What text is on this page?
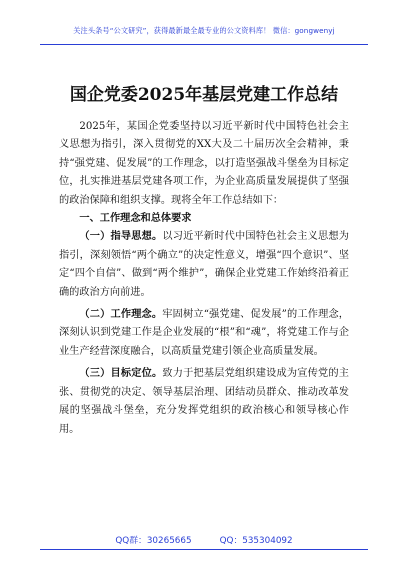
关注头条号“公文研究”，获得最新最全最专业的公文资料库！ 微信：gongwenyj
国企党委2025年基层党建工作总结

2025年，某国企党委坚持以习近平新时代中国特色社会主义思想为指引，深入贯彻党的XX大及二十届历次全会精神，秉持“强党建、促发展”的工作理念，以打造坚强战斗堡垒为目标定位，扎实推进基层党建各项工作，为企业高质量发展提供了坚强的政治保障和组织支撑。现将全年工作总结如下：

一、工作理念和总体要求

（一）指导思想。以习近平新时代中国特色社会主义思想为指引，深刻领悟“两个确立”的决定性意义，增强“四个意识”、坚定“四个自信”、做到“两个维护”，确保企业党建工作始终沿着正确的政治方向前进。

（二）工作理念。牢固树立“强党建、促发展”的工作理念，深刻认识到党建工作是企业发展的“根”和“魂”，将党建工作与企业生产经营深度融合，以高质量党建引领企业高质量发展。

（三）目标定位。致力于把基层党组织建设成为宣传党的主张、贯彻党的决定、领导基层治理、团结动员群众、推动改革发展的坚强战斗堡垒，充分发挥党组织的政治核心和领导核心作用。

QQ群：30265665	QQ：535304092
